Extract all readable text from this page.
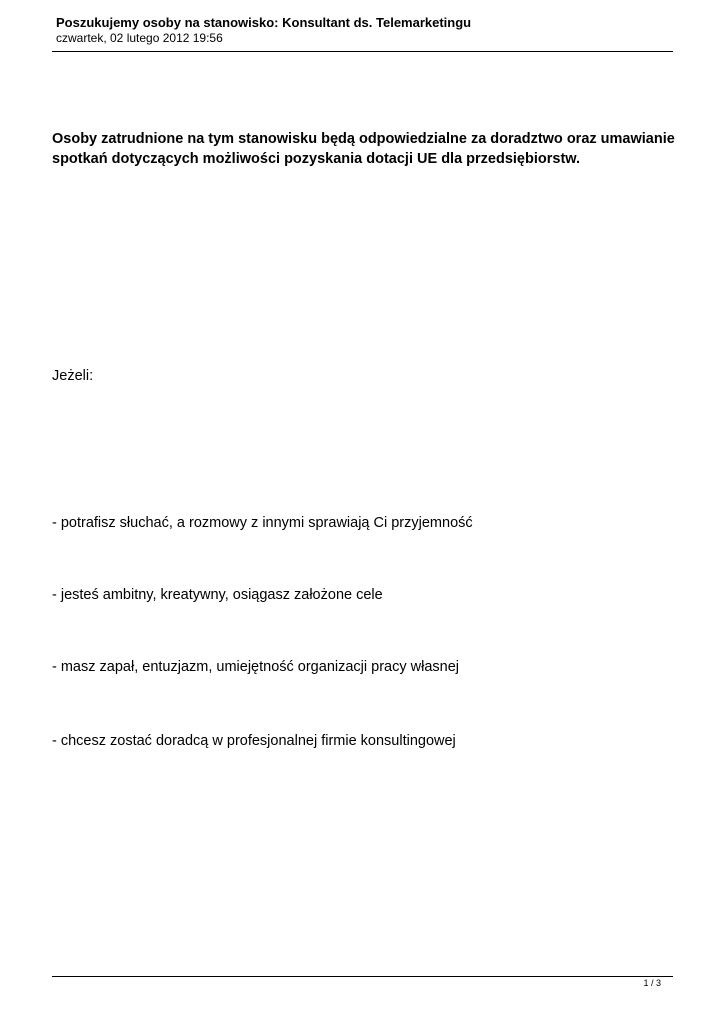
Poszukujemy osoby na stanowisko: Konsultant ds. Telemarketingu
czwartek, 02 lutego 2012 19:56
Osoby zatrudnione na tym stanowisku będą odpowiedzialne za doradztwo oraz umawianie spotkań dotyczących możliwości pozyskania dotacji UE dla przedsiębiorstw.
Jeżeli:
- potrafisz słuchać, a rozmowy z innymi sprawiają Ci przyjemność
- jesteś ambitny, kreatywny, osiągasz założone cele
- masz zapał, entuzjazm, umiejętność organizacji pracy własnej
- chcesz zostać doradcą w profesjonalnej firmie konsultingowej
1 / 3
